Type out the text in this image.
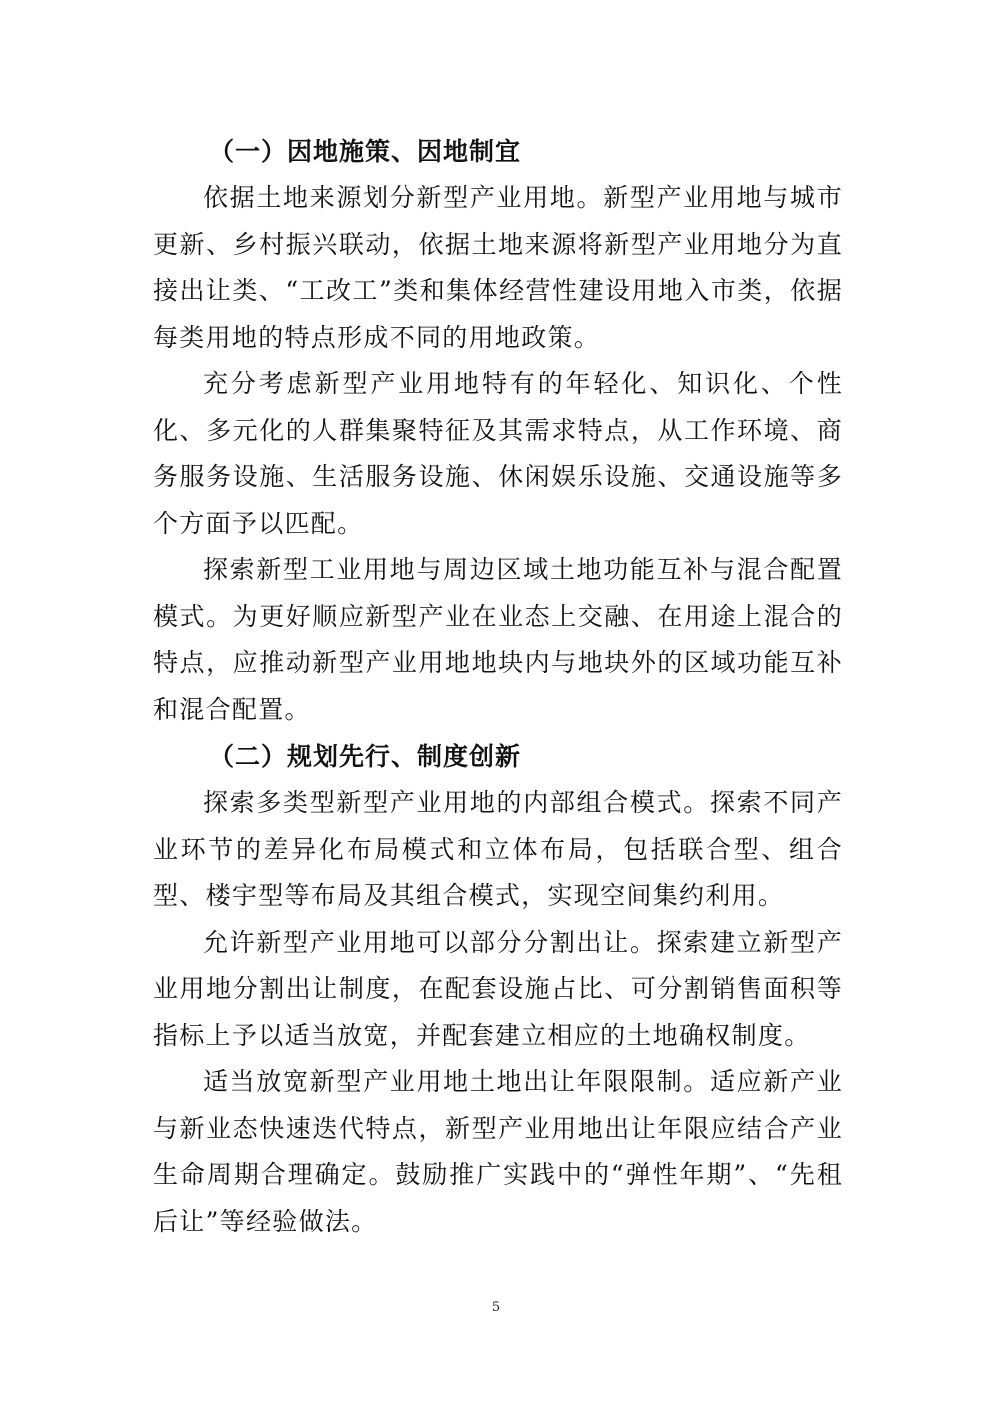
（一）因地施策、因地制宜

依据土地来源划分新型产业用地。新型产业用地与城市更新、乡村振兴联动，依据土地来源将新型产业用地分为直接出让类、“工改工”类和集体经营性建设用地入市类，依据每类用地的特点形成不同的用地政策。

充分考虑新型产业用地特有的年轻化、知识化、个性化、多元化的人群集聚特征及其需求特点，从工作环境、商务服务设施、生活服务设施、休闲娱乐设施、交通设施等多个方面予以匹配。

探索新型工业用地与周边区域土地功能互补与混合配置模式。为更好顺应新型产业在业态上交融、在用途上混合的特点，应推动新型产业用地地块内与地块外的区域功能互补和混合配置。

（二）规划先行、制度创新

探索多类型新型产业用地的内部组合模式。探索不同产业环节的差异化布局模式和立体布局，包括联合型、组合型、楼宇型等布局及其组合模式，实现空间集约利用。

允许新型产业用地可以部分分割出让。探索建立新型产业用地分割出让制度，在配套设施占比、可分割销售面积等指标上予以适当放宽，并配套建立相应的土地确权制度。

适当放宽新型产业用地土地出让年限限制。适应新产业与新业态快速迭代特点，新型产业用地出让年限应结合产业生命周期合理确定。鼓励推广实践中的“弹性年期”、“先租后让”等经验做法。

5
